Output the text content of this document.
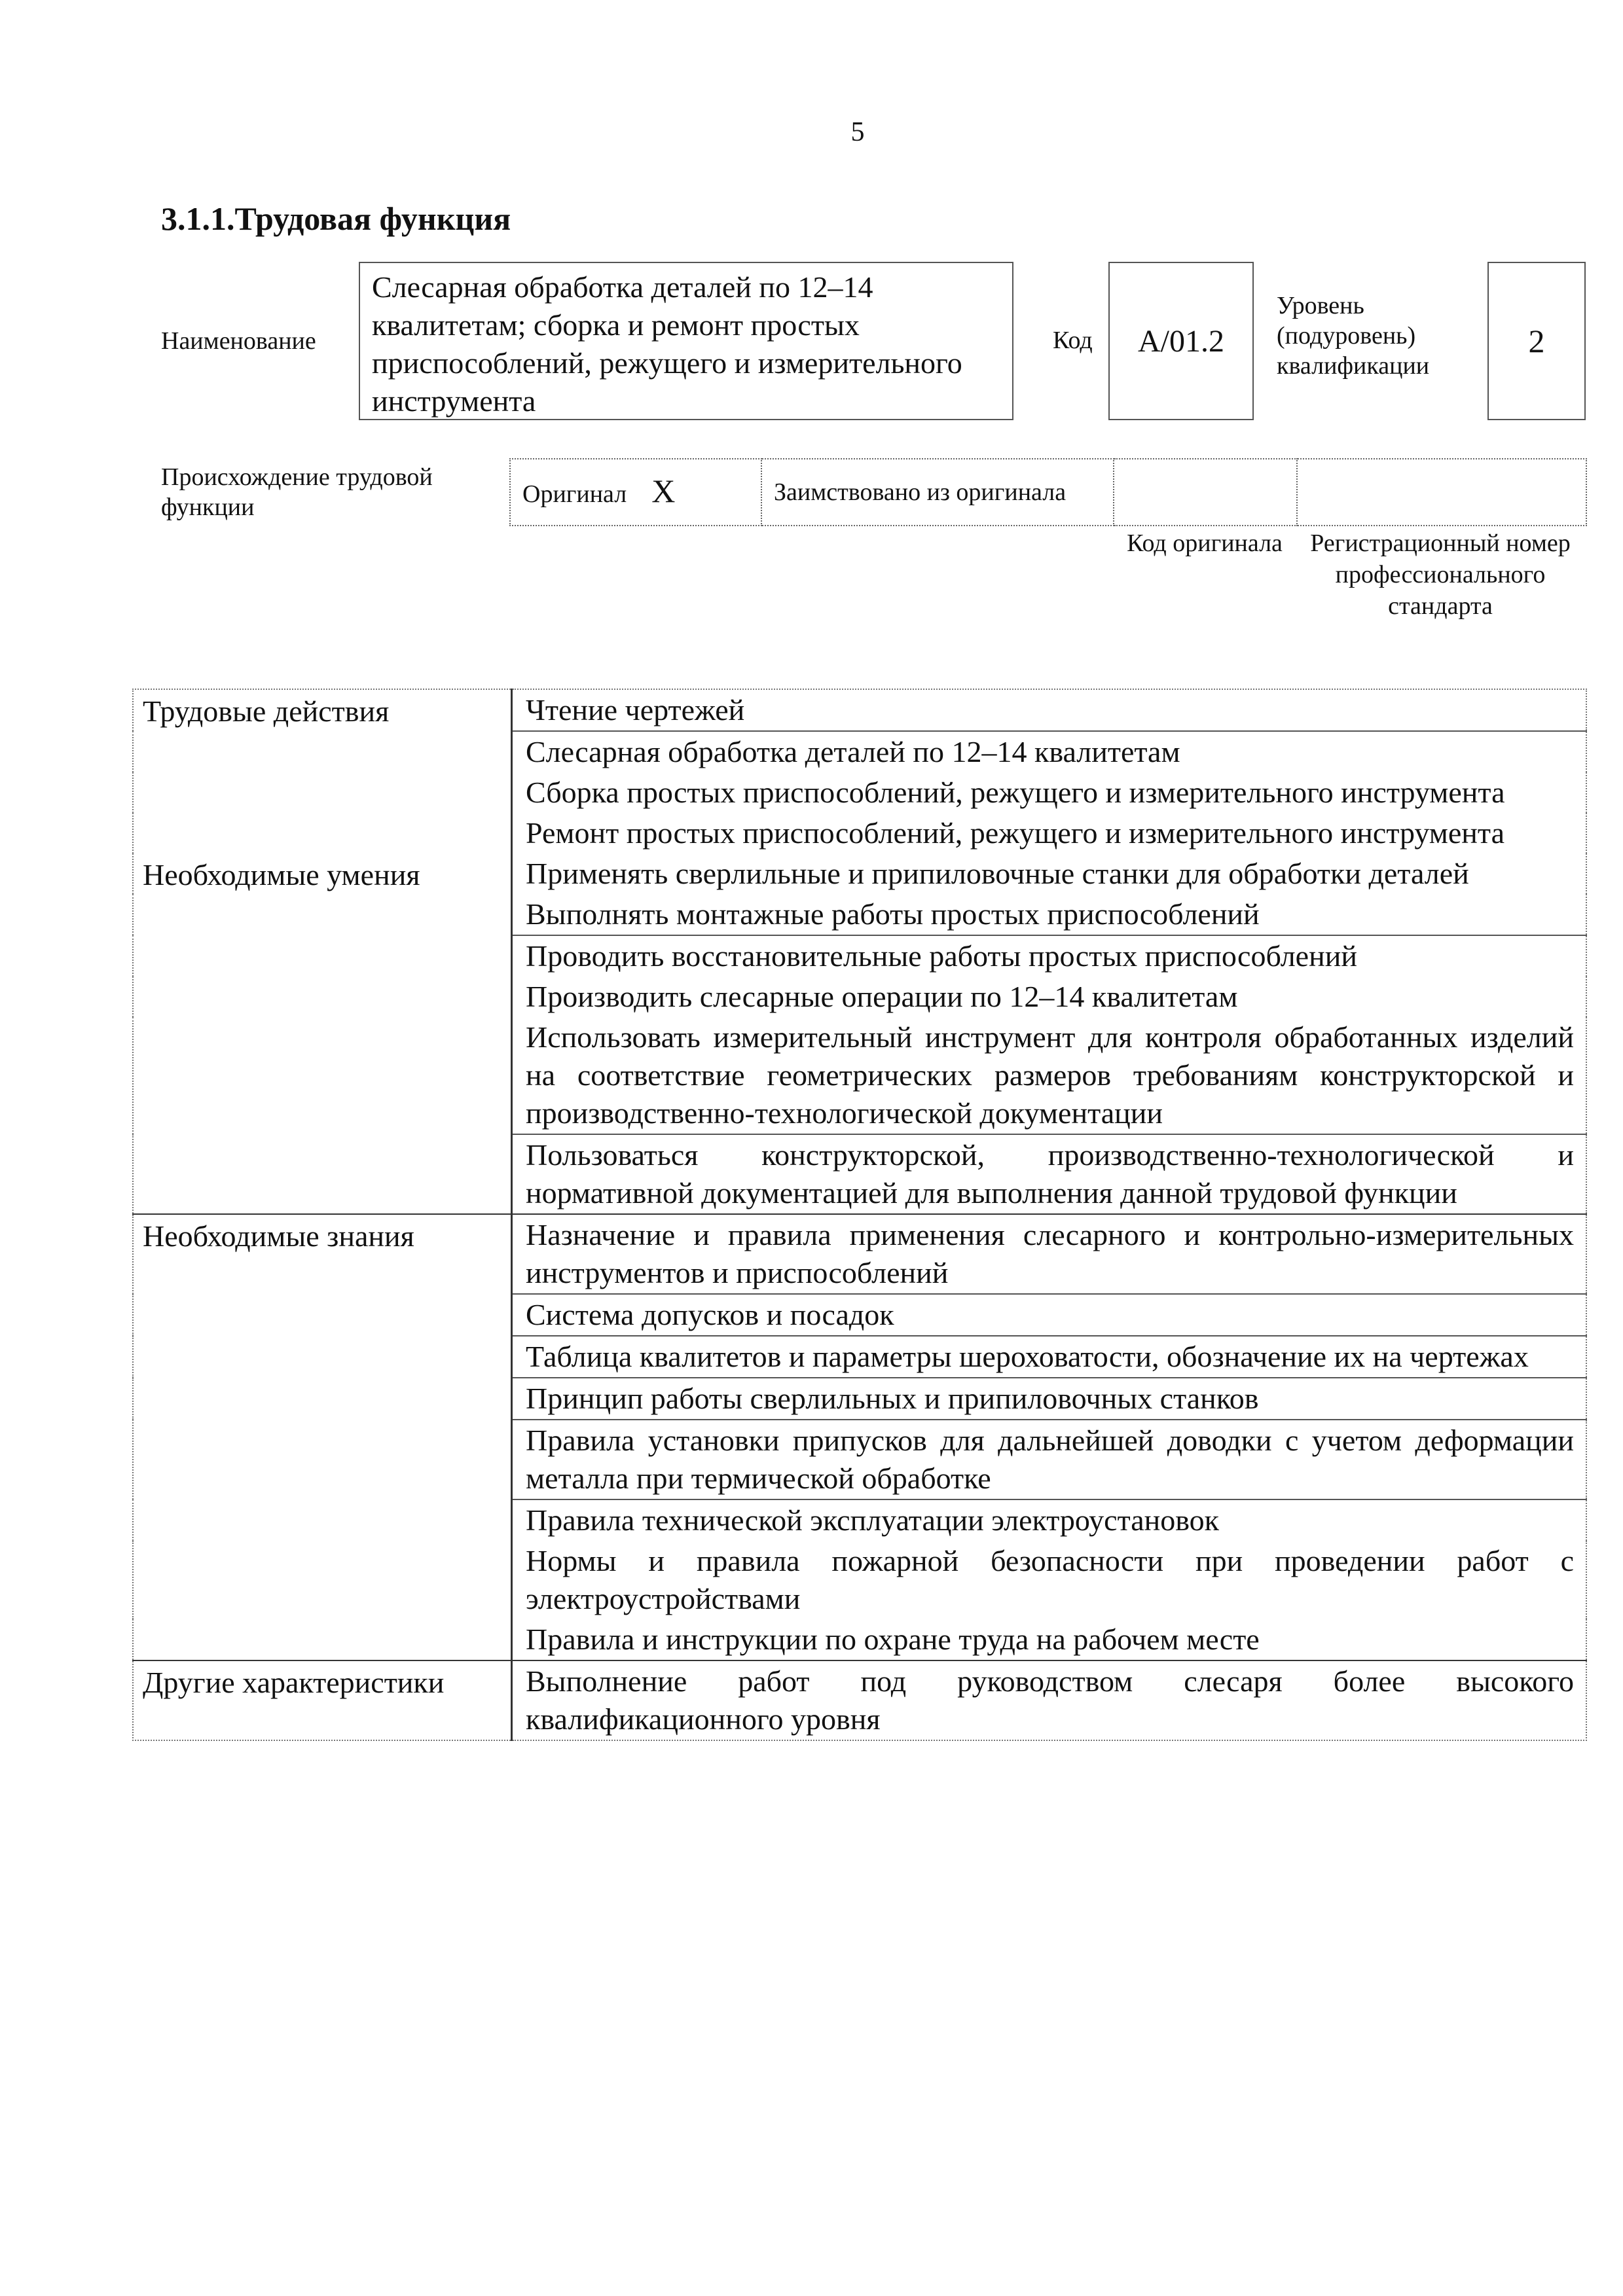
5
3.1.1.Трудовая функция
Наименование
Слесарная обработка деталей по 12–14 квалитетам; сборка и ремонт простых приспособлений, режущего и измерительного инструмента
Код A/01.2
Уровень (подуровень) квалификации
2
Происхождение трудовой функции	Оригинал X	Заимствовано из оригинала		
Код оригинала Регистрационный номер профессионального стандарта
Трудовые действия	Чтение чертежей
	Слесарная обработка деталей по 12–14 квалитетам
	Сборка простых приспособлений, режущего и измерительного инструмента
	Ремонт простых приспособлений, режущего и измерительного инструмента
Необходимые умения	Применять сверлильные и припиловочные станки для обработки деталей
	Выполнять монтажные работы простых приспособлений
	Проводить восстановительные работы простых приспособлений
	Производить слесарные операции по 12–14 квалитетам
	Использовать измерительный инструмент для контроля обработанных изделий на соответствие геометрических размеров требованиям конструкторской и производственно-технологической документации
	Пользоваться конструкторской, производственно-технологической и нормативной документацией для выполнения данной трудовой функции
Необходимые знания	Назначение и правила применения слесарного и контрольно-измерительных инструментов и приспособлений
	Система допусков и посадок
	Таблица квалитетов и параметры шероховатости, обозначение их на чертежах
	Принцип работы сверлильных и припиловочных станков
	Правила установки припусков для дальнейшей доводки с учетом деформации металла при термической обработке
	Правила технической эксплуатации электроустановок
	Нормы и правила пожарной безопасности при проведении работ с электроустройствами
	Правила и инструкции по охране труда на рабочем месте
Другие характеристики	Выполнение работ под руководством слесаря более высокого квалификационного уровня
